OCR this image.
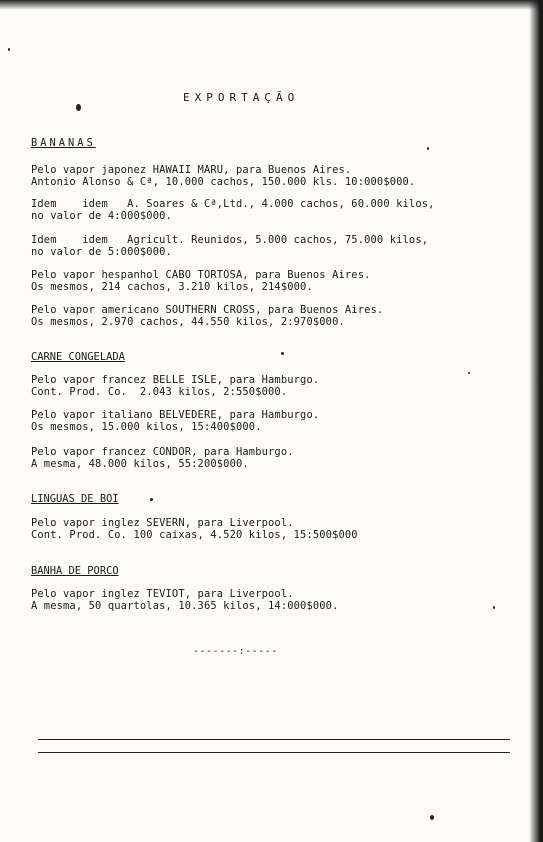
EXPORTAÇÃO
BANANAS
Pelo vapor japonez HAWAII MARU, para Buenos Aires.
Antonio Alonso & Cª, 10.000 cachos, 150.000 kls. 10:000$000.
Idem    idem   A. Soares & Cª,Ltd., 4.000 cachos, 60.000 kilos,
no valor de 4:000$000.
Idem    idem   Agricult. Reunidos, 5.000 cachos, 75.000 kilos,
no valor de 5:000$000.
Pelo vapor hespanhol CABO TORTOSA, para Buenos Aires.
Os mesmos, 214 cachos, 3.210 kilos, 214$000.
Pelo vapor americano SOUTHERN CROSS, para Buenos Aires.
Os mesmos, 2.970 cachos, 44.550 kilos, 2:970$000.
CARNE CONGELADA
Pelo vapor francez BELLE ISLE, para Hamburgo.
Cont. Prod. Co.  2.043 kilos, 2:550$000.
Pelo vapor italiano BELVEDERE, para Hamburgo.
Os mesmos, 15.000 kilos, 15:400$000.
Pelo vapor francez CONDOR, para Hamburgo.
A mesma, 48.000 kilos, 55:200$000.
LINGUAS DE BOI
Pelo vapor inglez SEVERN, para Liverpool.
Cont. Prod. Co. 100 caixas, 4.520 kilos, 15:500$000
BANHA DE PORCO
Pelo vapor inglez TEVIOT, para Liverpool.
A mesma, 50 quartolas, 10.365 kilos, 14:000$000.
-------:-----
